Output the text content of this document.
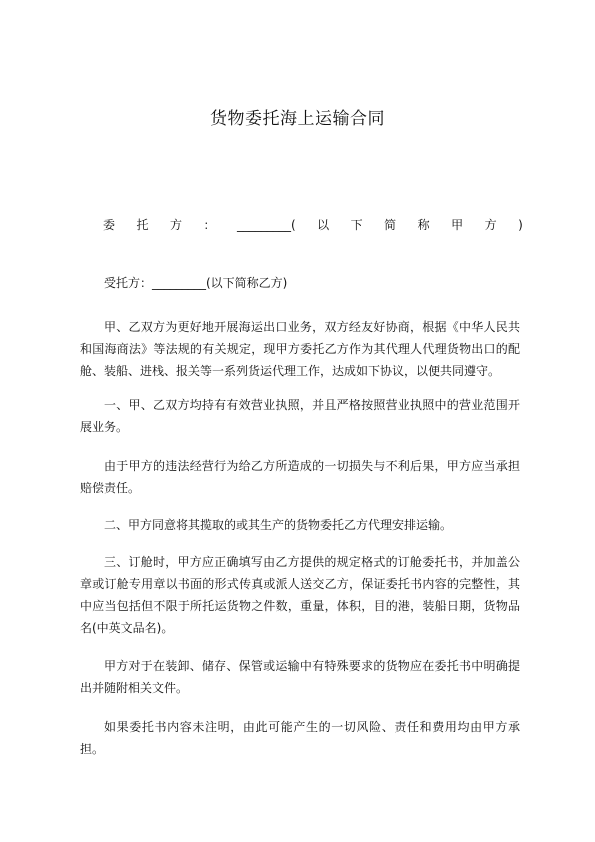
货物委托海上运输合同
委 托 方 ： _________( 以 下 简 称 甲 方 )

受托方：_________(以下简称乙方)

甲、乙双方为更好地开展海运出口业务，双方经友好协商，根据《中华人民共和国海商法》等法规的有关规定，现甲方委托乙方作为其代理人代理货物出口的配舱、装船、进栈、报关等一系列货运代理工作，达成如下协议，以便共同遵守。

一、甲、乙双方均持有有效营业执照，并且严格按照营业执照中的营业范围开展业务。

由于甲方的违法经营行为给乙方所造成的一切损失与不利后果，甲方应当承担赔偿责任。

二、甲方同意将其揽取的或其生产的货物委托乙方代理安排运输。

三、订舱时，甲方应正确填写由乙方提供的规定格式的订舱委托书，并加盖公章或订舱专用章以书面的形式传真或派人送交乙方，保证委托书内容的完整性，其中应当包括但不限于所托运货物之件数，重量，体积，目的港，装船日期，货物品名(中英文品名)。

甲方对于在装卸、储存、保管或运输中有特殊要求的货物应在委托书中明确提出并随附相关文件。

如果委托书内容未注明，由此可能产生的一切风险、责任和费用均由甲方承担。
